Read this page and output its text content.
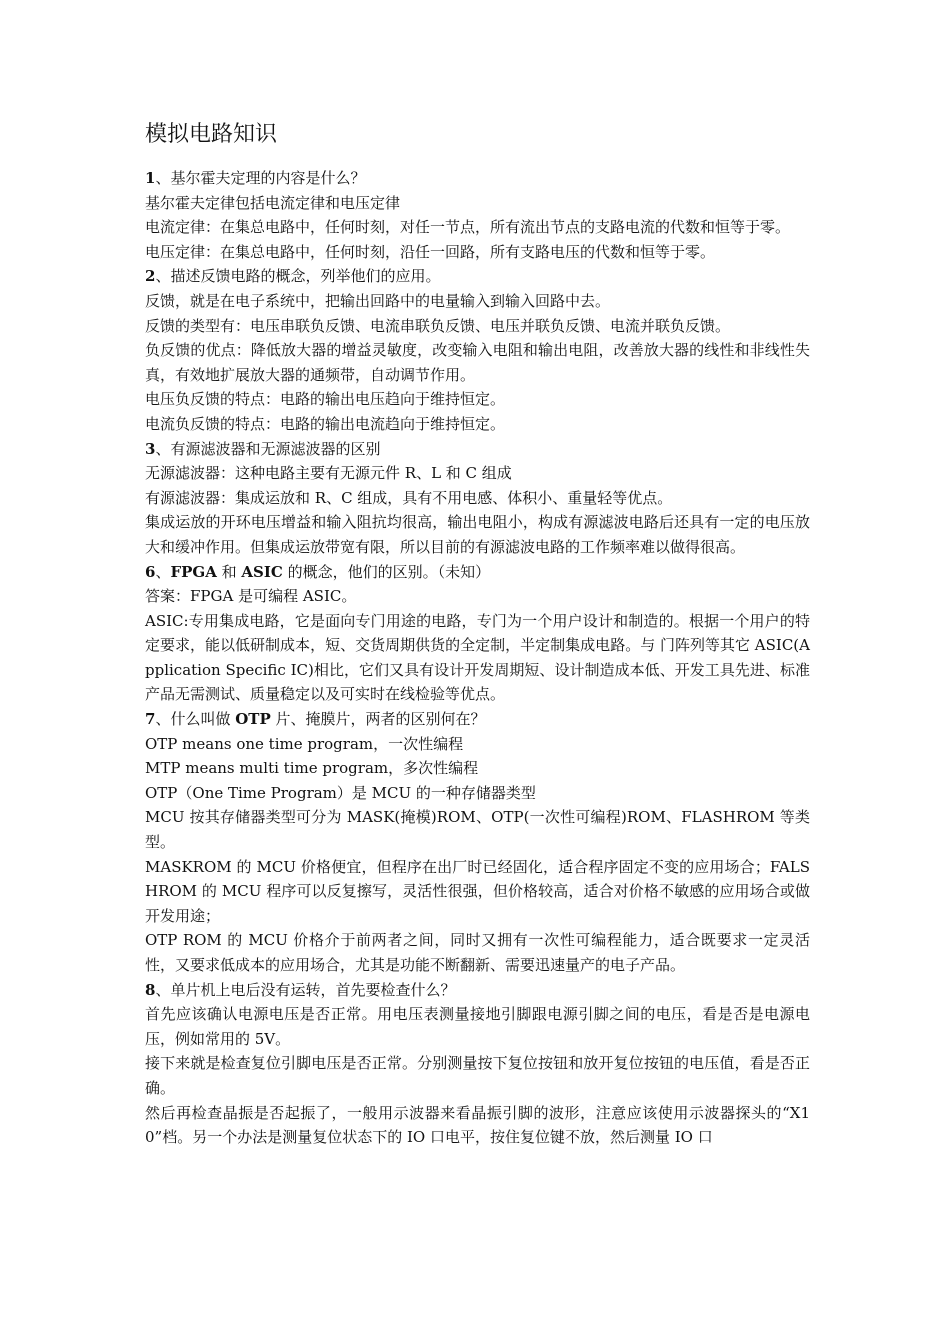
模拟电路知识

1、基尔霍夫定理的内容是什么？

基尔霍夫定律包括电流定律和电压定律

电流定律：在集总电路中，任何时刻，对任一节点，所有流出节点的支路电流的代数和恒等于零。

电压定律：在集总电路中，任何时刻，沿任一回路，所有支路电压的代数和恒等于零。

2、描述反馈电路的概念，列举他们的应用。

反馈，就是在电子系统中，把输出回路中的电量输入到输入回路中去。

反馈的类型有：电压串联负反馈、电流串联负反馈、电压并联负反馈、电流并联负反馈。

负反馈的优点：降低放大器的增益灵敏度，改变输入电阻和输出电阻，改善放大器的线性和非线性失真，有效地扩展放大器的通频带，自动调节作用。

电压负反馈的特点：电路的输出电压趋向于维持恒定。

电流负反馈的特点：电路的输出电流趋向于维持恒定。

3、有源滤波器和无源滤波器的区别

无源滤波器：这种电路主要有无源元件 R、L 和 C 组成

有源滤波器：集成运放和 R、C 组成，具有不用电感、体积小、重量轻等优点。

集成运放的开环电压增益和输入阻抗均很高，输出电阻小，构成有源滤波电路后还具有一定的电压放大和缓冲作用。但集成运放带宽有限，所以目前的有源滤波电路的工作频率难以做得很高。

6、FPGA 和 ASIC 的概念，他们的区别。（未知）

答案：FPGA 是可编程 ASIC。

ASIC:专用集成电路，它是面向专门用途的电路，专门为一个用户设计和制造的。根据一个用户的特定要求，能以低研制成本，短、交货周期供货的全定制，半定制集成电路。与 门阵列等其它 ASIC(Application Specific IC)相比，它们又具有设计开发周期短、设计制造成本低、开发工具先进、标准产品无需测试、质量稳定以及可实时在线检验等优点。

7、什么叫做 OTP 片、掩膜片，两者的区别何在？

OTP means one time program，一次性编程

MTP means multi time program，多次性编程

OTP（One Time Program）是 MCU 的一种存储器类型

MCU 按其存储器类型可分为 MASK(掩模)ROM、OTP(一次性可编程)ROM、FLASHROM 等类型。

MASKROM 的 MCU 价格便宜，但程序在出厂时已经固化，适合程序固定不变的应用场合；FALSHROM 的 MCU 程序可以反复擦写，灵活性很强，但价格较高，适合对价格不敏感的应用场合或做开发用途；

OTP ROM 的 MCU 价格介于前两者之间，同时又拥有一次性可编程能力，适合既要求一定灵活性，又要求低成本的应用场合，尤其是功能不断翻新、需要迅速量产的电子产品。

8、单片机上电后没有运转，首先要检查什么？

首先应该确认电源电压是否正常。用电压表测量接地引脚跟电源引脚之间的电压，看是否是电源电压，例如常用的 5V。

接下来就是检查复位引脚电压是否正常。分别测量按下复位按钮和放开复位按钮的电压值，看是否正确。

然后再检查晶振是否起振了，一般用示波器来看晶振引脚的波形，注意应该使用示波器探头的“X10”档。另一个办法是测量复位状态下的 IO 口电平，按住复位键不放，然后测量 IO 口
